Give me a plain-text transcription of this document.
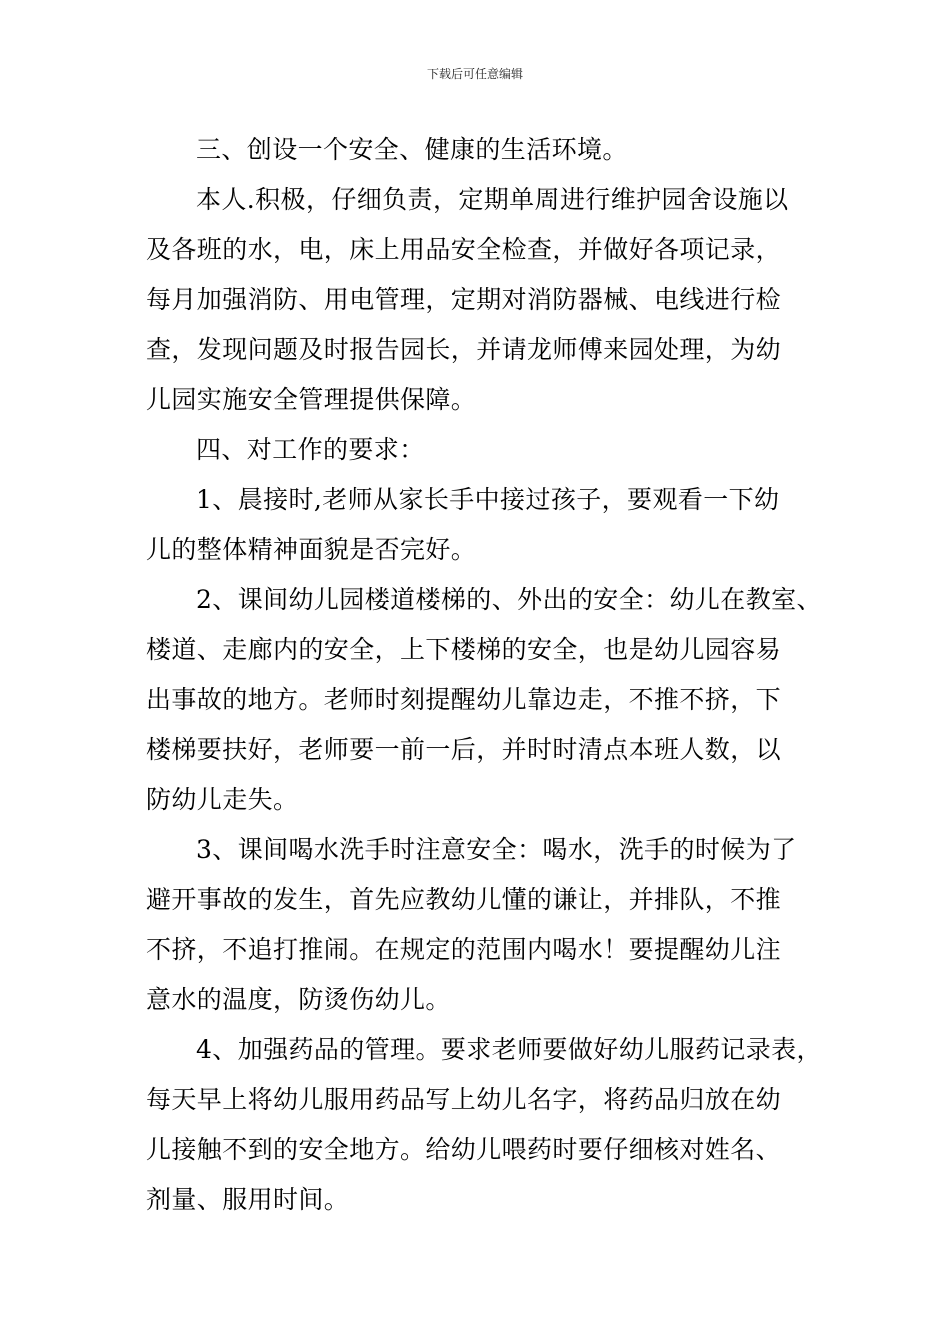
下载后可任意编辑

三、创设一个安全、健康的生活环境。

本人.积极，仔细负责，定期单周进行维护园舍设施以
及各班的水，电，床上用品安全检查，并做好各项记录，
每月加强消防、用电管理，定期对消防器械、电线进行检
查，发现问题及时报告园长，并请龙师傅来园处理，为幼
儿园实施安全管理提供保障。

四、对工作的要求：

1、晨接时,老师从家长手中接过孩子，要观看一下幼
儿的整体精神面貌是否完好。

2、课间幼儿园楼道楼梯的、外出的安全：幼儿在教室、
楼道、走廊内的安全，上下楼梯的安全，也是幼儿园容易
出事故的地方。老师时刻提醒幼儿靠边走，不推不挤，下
楼梯要扶好，老师要一前一后，并时时清点本班人数，以
防幼儿走失。

3、课间喝水洗手时注意安全：喝水，洗手的时候为了
避开事故的发生，首先应教幼儿懂的谦让，并排队，不推
不挤，不追打推闹。在规定的范围内喝水！要提醒幼儿注
意水的温度，防烫伤幼儿。

4、加强药品的管理。要求老师要做好幼儿服药记录表，
每天早上将幼儿服用药品写上幼儿名字，将药品归放在幼
儿接触不到的安全地方。给幼儿喂药时要仔细核对姓名、
剂量、服用时间。
